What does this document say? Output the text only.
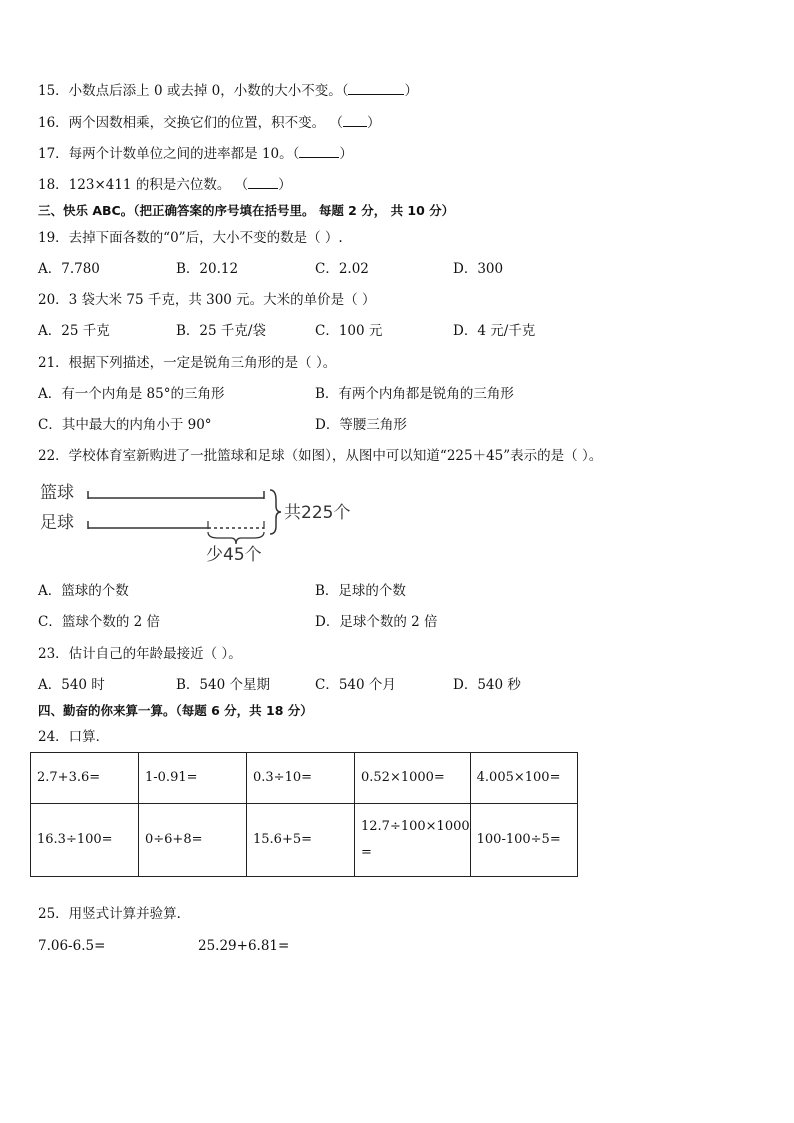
15．小数点后添上 0 或去掉 0，小数的大小不变。（	）
16．两个因数相乘，交换它们的位置，积不变。 （ ）
17．每两个计数单位之间的进率都是 10。（	）
18．123×411 的积是六位数。 （ ）
三、快乐 ABC。（把正确答案的序号填在括号里。 每题 2 分， 共 10 分）
19．去掉下面各数的“0”后，大小不变的数是（ ）.
A．7.780	B．20.12	C．2.02	D．300
20．3 袋大米 75 千克，共 300 元。大米的单价是（ ）
A．25 千克	B．25 千克/袋	C．100 元	D．4 元/千克
21．根据下列描述，一定是锐角三角形的是（ ）。
A．有一个内角是 85°的三角形	B．有两个内角都是锐角的三角形
C．其中最大的内角小于 90°	D．等腰三角形
22．学校体育室新购进了一批篮球和足球（如图），从图中可以知道“225＋45”表示的是（ ）。
篮球
足球	共225个
少45个
A．篮球的个数	B．足球的个数
C．篮球个数的 2 倍	D．足球个数的 2 倍
23．估计自己的年龄最接近（ ）。
A．540 时	B．540 个星期	C．540 个月	D．540 秒
四、勤奋的你来算一算。（每题 6 分，共 18 分）
24．口算．
2.7+3.6=	1-0.91=	0.3÷10=	0.52×1000=	4.005×100=
16.3÷100=	0÷6+8=	15.6+5=	12.7÷100×1000
=	100-100÷5=
25．用竖式计算并验算．
7.06-6.5=	25.29+6.81=
